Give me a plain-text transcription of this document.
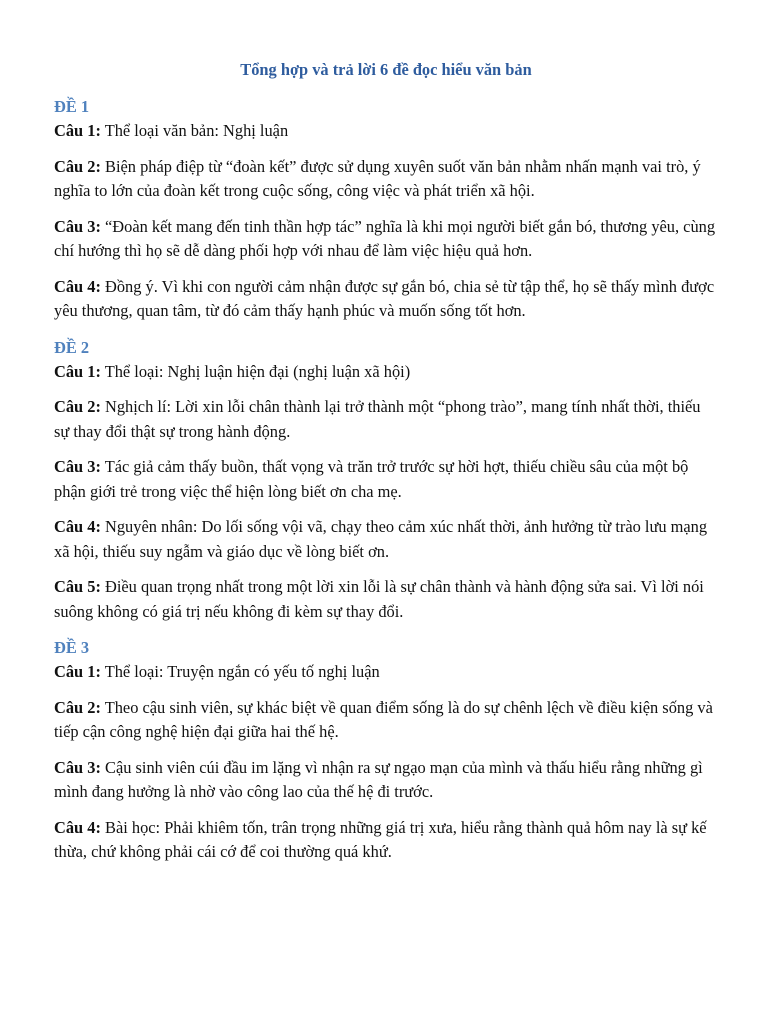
Tổng hợp và trả lời 6 đề đọc hiểu văn bản
ĐỀ 1

Câu 1: Thể loại văn bản: Nghị luận

Câu 2: Biện pháp điệp từ “đoàn kết” được sử dụng xuyên suốt văn bản nhằm nhấn mạnh vai trò, ý nghĩa to lớn của đoàn kết trong cuộc sống, công việc và phát triển xã hội.

Câu 3: “Đoàn kết mang đến tinh thần hợp tác” nghĩa là khi mọi người biết gắn bó, thương yêu, cùng chí hướng thì họ sẽ dễ dàng phối hợp với nhau để làm việc hiệu quả hơn.

Câu 4: Đồng ý. Vì khi con người cảm nhận được sự gắn bó, chia sẻ từ tập thể, họ sẽ thấy mình được yêu thương, quan tâm, từ đó cảm thấy hạnh phúc và muốn sống tốt hơn.

ĐỀ 2

Câu 1: Thể loại: Nghị luận hiện đại (nghị luận xã hội)

Câu 2: Nghịch lí: Lời xin lỗi chân thành lại trở thành một “phong trào”, mang tính nhất thời, thiếu sự thay đổi thật sự trong hành động.

Câu 3: Tác giả cảm thấy buồn, thất vọng và trăn trở trước sự hời hợt, thiếu chiều sâu của một bộ phận giới trẻ trong việc thể hiện lòng biết ơn cha mẹ.

Câu 4: Nguyên nhân: Do lối sống vội vã, chạy theo cảm xúc nhất thời, ảnh hưởng từ trào lưu mạng xã hội, thiếu suy ngẫm và giáo dục về lòng biết ơn.

Câu 5: Điều quan trọng nhất trong một lời xin lỗi là sự chân thành và hành động sửa sai. Vì lời nói suông không có giá trị nếu không đi kèm sự thay đổi.

ĐỀ 3

Câu 1: Thể loại: Truyện ngắn có yếu tố nghị luận

Câu 2: Theo cậu sinh viên, sự khác biệt về quan điểm sống là do sự chênh lệch về điều kiện sống và tiếp cận công nghệ hiện đại giữa hai thế hệ.

Câu 3: Cậu sinh viên cúi đầu im lặng vì nhận ra sự ngạo mạn của mình và thấu hiểu rằng những gì mình đang hưởng là nhờ vào công lao của thế hệ đi trước.

Câu 4: Bài học: Phải khiêm tốn, trân trọng những giá trị xưa, hiểu rằng thành quả hôm nay là sự kế thừa, chứ không phải cái cớ để coi thường quá khứ.
